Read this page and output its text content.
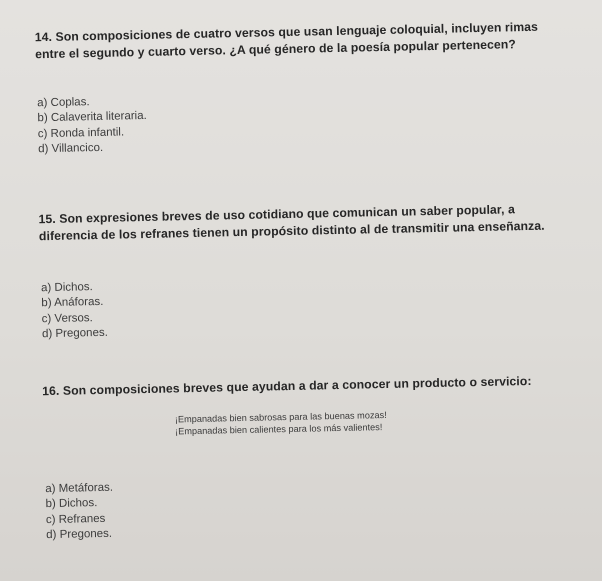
14. Son composiciones de cuatro versos que usan lenguaje coloquial, incluyen rimas entre el segundo y cuarto verso. ¿A qué género de la poesía popular pertenecen?
a) Coplas.
b) Calaverita literaria.
c) Ronda infantil.
d) Villancico.
15. Son expresiones breves de uso cotidiano que comunican un saber popular, a diferencia de los refranes tienen un propósito distinto al de transmitir una enseñanza.
a) Dichos.
b) Anáforas.
c) Versos.
d) Pregones.
16. Son composiciones breves que ayudan a dar a conocer un producto o servicio:
¡Empanadas bien sabrosas para las buenas mozas!
¡Empanadas bien calientes para los más valientes!
a) Metáforas.
b) Dichos.
c) Refranes
d) Pregones.
